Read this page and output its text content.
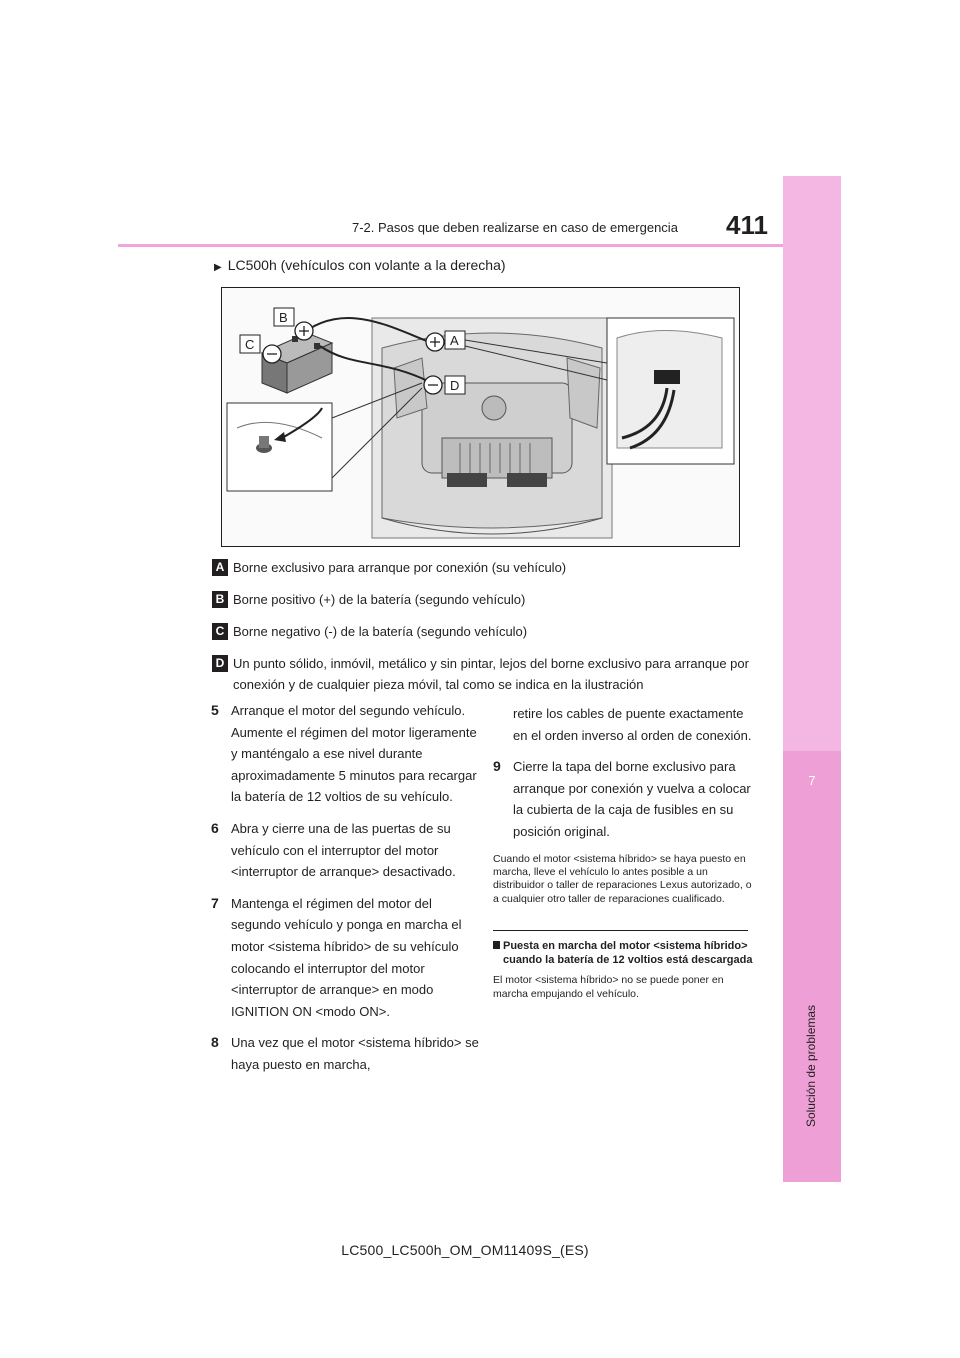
7
Solución de problemas
7-2. Pasos que deben realizarse en caso de emergencia 411
▶ LC500h (vehículos con volante a la derecha)
B
C	A
D
A Borne exclusivo para arranque por conexión (su vehículo)
B Borne positivo (+) de la batería (segundo vehículo)
C Borne negativo (-) de la batería (segundo vehículo)
D Un punto sólido, inmóvil, metálico y sin pintar, lejos del borne exclusivo para arranque por conexión y de cualquier pieza móvil, tal como se indica en la ilustración
5 Arranque el motor del segundo vehículo. Aumente el régimen del motor ligeramente y manténgalo a ese nivel durante aproximadamente 5 minutos para recargar la batería de 12 voltios de su vehículo.
6 Abra y cierre una de las puertas de su vehículo con el interruptor del motor <interruptor de arranque> desactivado.
7 Mantenga el régimen del motor del segundo vehículo y ponga en marcha el motor <sistema híbrido> de su vehículo colocando el interruptor del motor <interruptor de arranque> en modo IGNITION ON <modo ON>.
8 Una vez que el motor <sistema híbrido> se haya puesto en marcha,
retire los cables de puente exactamente en el orden inverso al orden de conexión.
9 Cierre la tapa del borne exclusivo para arranque por conexión y vuelva a colocar la cubierta de la caja de fusibles en su posición original.
Cuando el motor <sistema híbrido> se haya puesto en marcha, lleve el vehículo lo antes posible a un distribuidor o taller de reparaciones Lexus autorizado, o a cualquier otro taller de reparaciones cualificado.
Puesta en marcha del motor <sistema híbrido> cuando la batería de 12 voltios está descargada
El motor <sistema híbrido> no se puede poner en marcha empujando el vehículo.
LC500_LC500h_OM_OM11409S_(ES)
